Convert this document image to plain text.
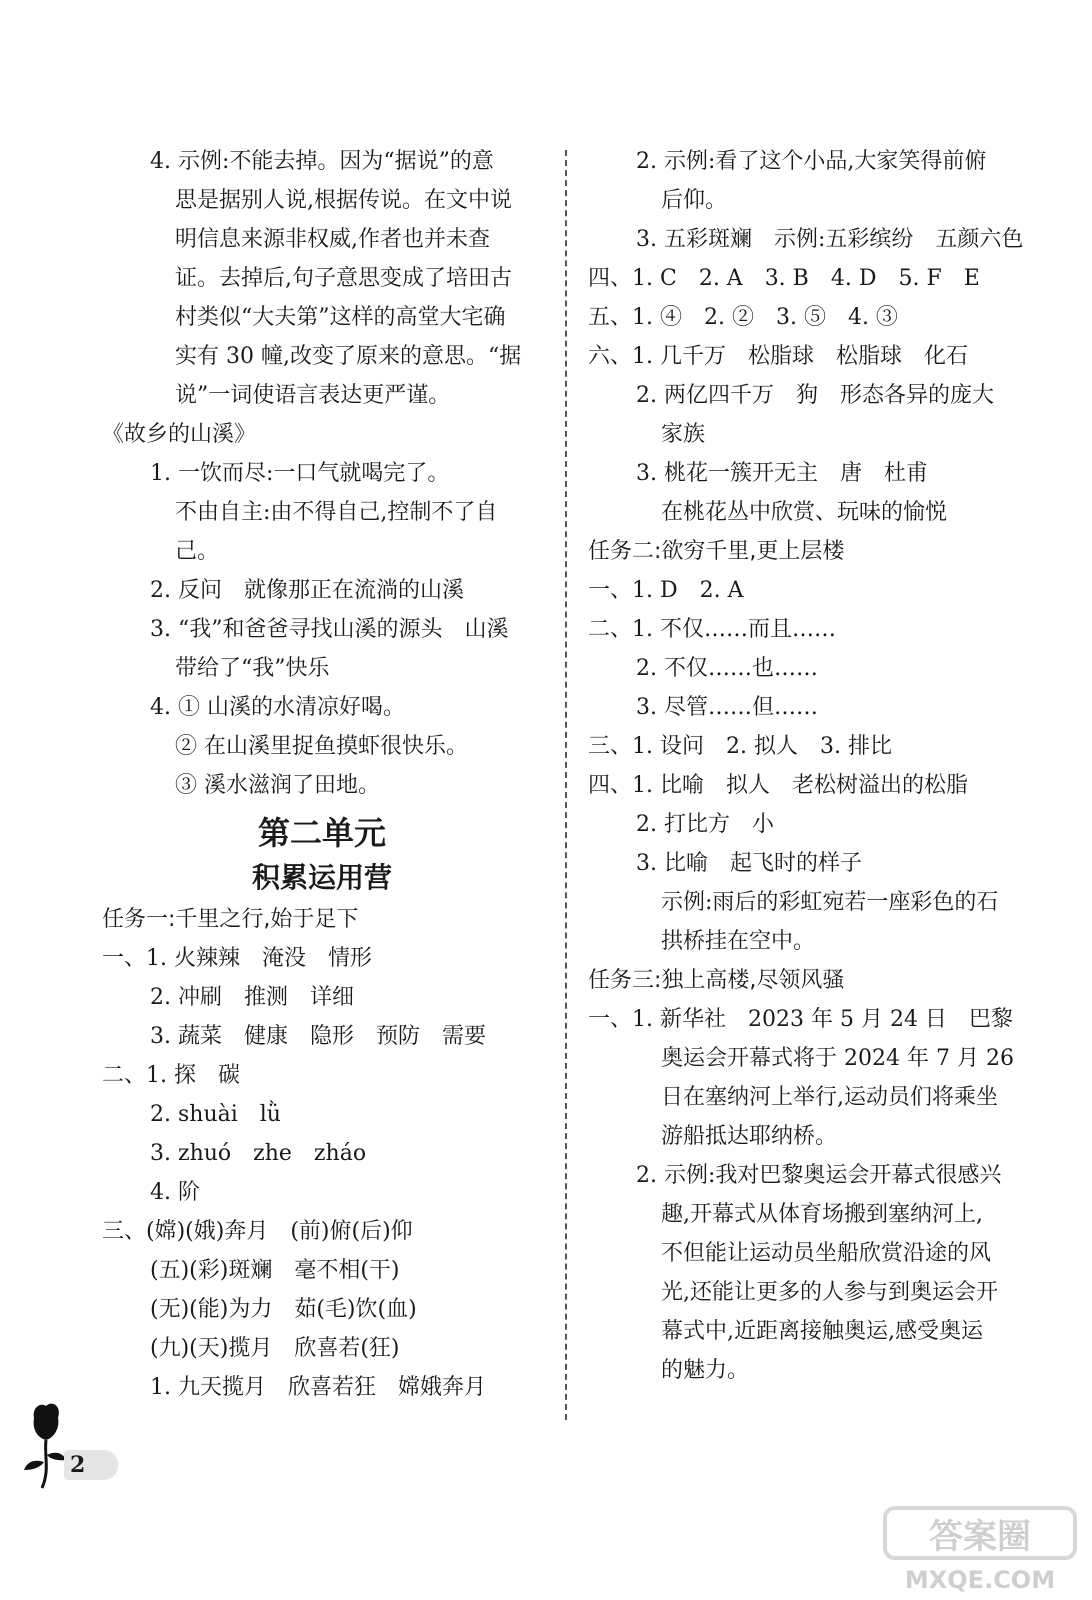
4. 示例:不能去掉。因为“据说”的意
思是据别人说,根据传说。在文中说
明信息来源非权威,作者也并未查
证。去掉后,句子意思变成了培田古
村类似“大夫第”这样的高堂大宅确
实有 30 幢,改变了原来的意思。“据
说”一词使语言表达更严谨。
《故乡的山溪》
1. 一饮而尽:一口气就喝完了。
不由自主:由不得自己,控制不了自
己。
2. 反问　就像那正在流淌的山溪
3. “我”和爸爸寻找山溪的源头　山溪
带给了“我”快乐
4. ① 山溪的水清凉好喝。
② 在山溪里捉鱼摸虾很快乐。
③ 溪水滋润了田地。
第二单元
积累运用营
任务一:千里之行,始于足下
一、1. 火辣辣　淹没　情形
2. 冲刷　推测　详细
3. 蔬菜　健康　隐形　预防　需要
二、1. 探　碳
2. shuài　lǜ
3. zhuó　zhe　zháo
4. 阶
三、(嫦)(娥)奔月　(前)俯(后)仰
(五)(彩)斑斓　毫不相(干)
(无)(能)为力　茹(毛)饮(血)
(九)(天)揽月　欣喜若(狂)
1. 九天揽月　欣喜若狂　嫦娥奔月
2. 示例:看了这个小品,大家笑得前俯
后仰。
3. 五彩斑斓　示例:五彩缤纷　五颜六色
四、1. C　2. A　3. B　4. D　5. F　E
五、1. ④　2. ②　3. ⑤　4. ③
六、1. 几千万　松脂球　松脂球　化石
2. 两亿四千万　狗　形态各异的庞大
家族
3. 桃花一簇开无主　唐　杜甫
在桃花丛中欣赏、玩味的愉悦
任务二:欲穷千里,更上层楼
一、1. D　2. A
二、1. 不仅……而且……
2. 不仅……也……
3. 尽管……但……
三、1. 设问　2. 拟人　3. 排比
四、1. 比喻　拟人　老松树溢出的松脂
2. 打比方　小
3. 比喻　起飞时的样子
示例:雨后的彩虹宛若一座彩色的石
拱桥挂在空中。
任务三:独上高楼,尽领风骚
一、1. 新华社　2023 年 5 月 24 日　巴黎
奥运会开幕式将于 2024 年 7 月 26
日在塞纳河上举行,运动员们将乘坐
游船抵达耶纳桥。
2. 示例:我对巴黎奥运会开幕式很感兴
趣,开幕式从体育场搬到塞纳河上,
不但能让运动员坐船欣赏沿途的风
光,还能让更多的人参与到奥运会开
幕式中,近距离接触奥运,感受奥运
的魅力。
2
答案圈
MXQE.COM
